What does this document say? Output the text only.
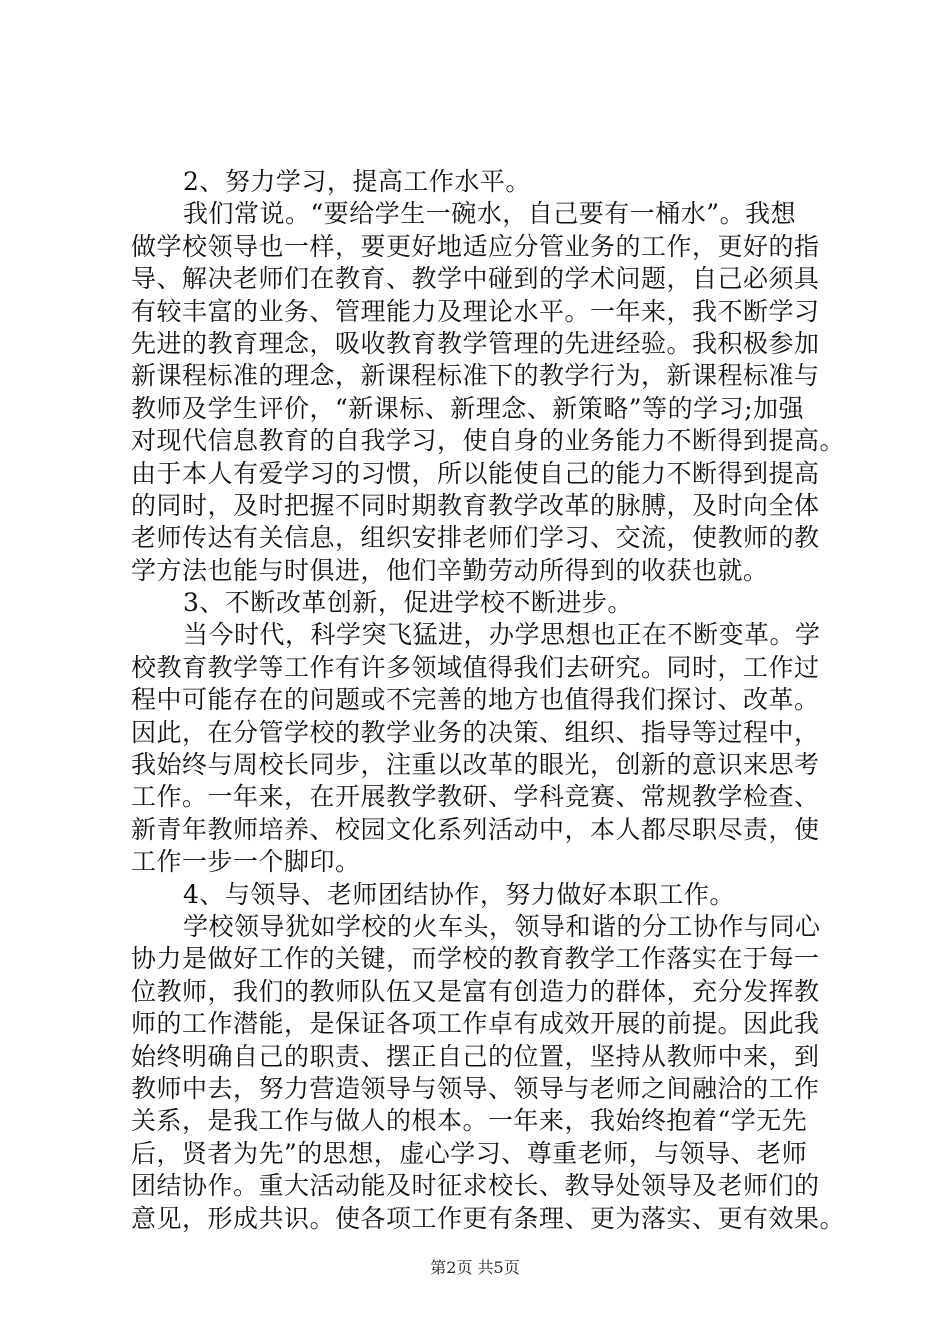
2、努力学习，提高工作水平。
我们常说。“要给学生一碗水，自己要有一桶水”。我想
做学校领导也一样，要更好地适应分管业务的工作，更好的指
导、解决老师们在教育、教学中碰到的学术问题，自己必须具
有较丰富的业务、管理能力及理论水平。一年来，我不断学习
先进的教育理念，吸收教育教学管理的先进经验。我积极参加
新课程标准的理念，新课程标准下的教学行为，新课程标准与
教师及学生评价，“新课标、新理念、新策略”等的学习;加强
对现代信息教育的自我学习，使自身的业务能力不断得到提高。
由于本人有爱学习的习惯，所以能使自己的能力不断得到提高
的同时，及时把握不同时期教育教学改革的脉膊，及时向全体
老师传达有关信息，组织安排老师们学习、交流，使教师的教
学方法也能与时俱进，他们辛勤劳动所得到的收获也就。
3、不断改革创新，促进学校不断进步。
当今时代，科学突飞猛进，办学思想也正在不断变革。学
校教育教学等工作有许多领域值得我们去研究。同时，工作过
程中可能存在的问题或不完善的地方也值得我们探讨、改革。
因此，在分管学校的教学业务的决策、组织、指导等过程中，
我始终与周校长同步，注重以改革的眼光，创新的意识来思考
工作。一年来，在开展教学教研、学科竞赛、常规教学检查、
新青年教师培养、校园文化系列活动中，本人都尽职尽责，使
工作一步一个脚印。
4、与领导、老师团结协作，努力做好本职工作。
学校领导犹如学校的火车头，领导和谐的分工协作与同心
协力是做好工作的关键，而学校的教育教学工作落实在于每一
位教师，我们的教师队伍又是富有创造力的群体，充分发挥教
师的工作潜能，是保证各项工作卓有成效开展的前提。因此我
始终明确自己的职责、摆正自己的位置，坚持从教师中来，到
教师中去，努力营造领导与领导、领导与老师之间融洽的工作
关系，是我工作与做人的根本。一年来，我始终抱着“学无先
后，贤者为先”的思想，虚心学习、尊重老师，与领导、老师
团结协作。重大活动能及时征求校长、教导处领导及老师们的
意见，形成共识。使各项工作更有条理、更为落实、更有效果。
第2页 共5页
